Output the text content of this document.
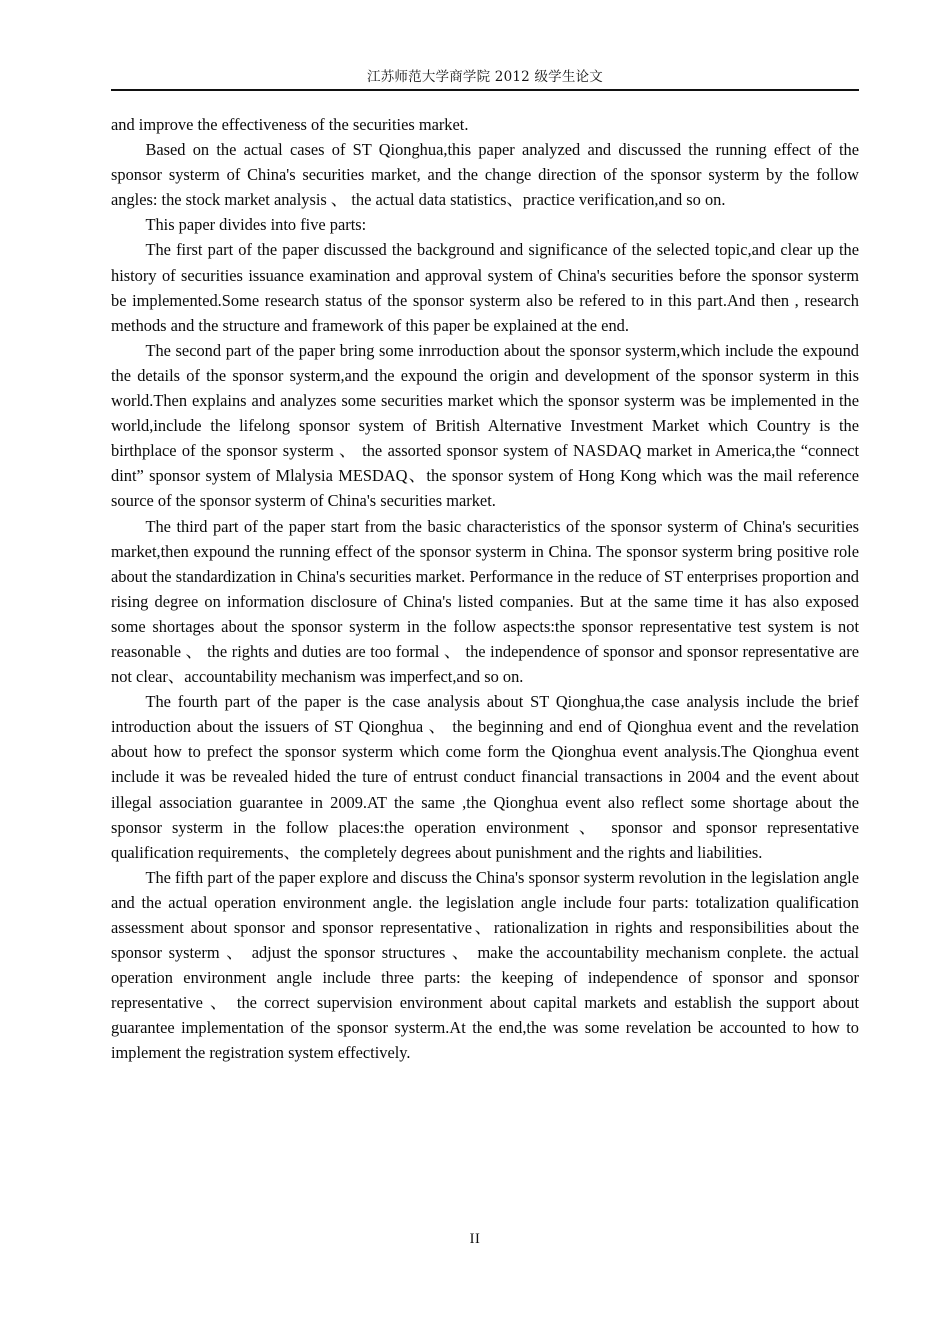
江苏师范大学商学院 2012 级学生论文

and improve the effectiveness of the securities market.

Based on the actual cases of ST Qionghua,this paper analyzed and discussed the running effect of the sponsor systerm of China's securities market, and the change direction of the sponsor systerm by the follow angles: the stock market analysis 、 the actual data statistics、practice verification,and so on.

This paper divides into five parts:

The first part of the paper discussed the background and significance of the selected topic,and clear up the history of securities issuance examination and approval system of China's securities before the sponsor systerm be implemented.Some research status of the sponsor systerm also be refered to in this part.And then , research methods and the structure and framework of this paper be explained at the end.

The second part of the paper bring some inrroduction about the sponsor systerm,which include the expound the details of the sponsor systerm,and the expound the origin and development of the sponsor systerm in this world.Then explains and analyzes some securities market which the sponsor systerm was be implemented in the world,include the lifelong sponsor system of British Alternative Investment Market which Country is the birthplace of the sponsor systerm 、 the assorted sponsor system of NASDAQ market in America,the “connect dint” sponsor system of Mlalysia MESDAQ、the sponsor system of Hong Kong which was the mail reference source of the sponsor systerm of China's securities market.

The third part of the paper start from the basic characteristics of the sponsor systerm of China's securities market,then expound the running effect of the sponsor systerm in China. The sponsor systerm bring positive role about the standardization in China's securities market. Performance in the reduce of ST enterprises proportion and rising degree on information disclosure of China's listed companies. But at the same time it has also exposed some shortages about the sponsor systerm in the follow aspects:the sponsor representative test system is not reasonable 、 the rights and duties are too formal 、 the independence of sponsor and sponsor representative are not clear、accountability mechanism was imperfect,and so on.

The fourth part of the paper is the case analysis about ST Qionghua,the case analysis include the brief introduction about the issuers of ST Qionghua 、 the beginning and end of Qionghua event and the revelation about how to prefect the sponsor systerm which come form the Qionghua event analysis.The Qionghua event include it was be revealed hided the ture of entrust conduct financial transactions in 2004 and the event about illegal association guarantee in 2009.AT the same ,the Qionghua event also reflect some shortage about the sponsor systerm in the follow places:the operation environment 、 sponsor and sponsor representative qualification requirements、the completely degrees about punishment and the rights and liabilities.

The fifth part of the paper explore and discuss the China's sponsor systerm revolution in the legislation angle and the actual operation environment angle. the legislation angle include four parts: totalization qualification assessment about sponsor and sponsor representative、rationalization in rights and responsibilities about the sponsor systerm 、 adjust the sponsor structures 、 make the accountability mechanism conplete. the actual operation environment angle include three parts: the keeping of independence of sponsor and sponsor representative 、 the correct supervision environment about capital markets and establish the support about guarantee implementation of the sponsor systerm.At the end,the was some revelation be accounted to how to implement the registration system effectively.

II
